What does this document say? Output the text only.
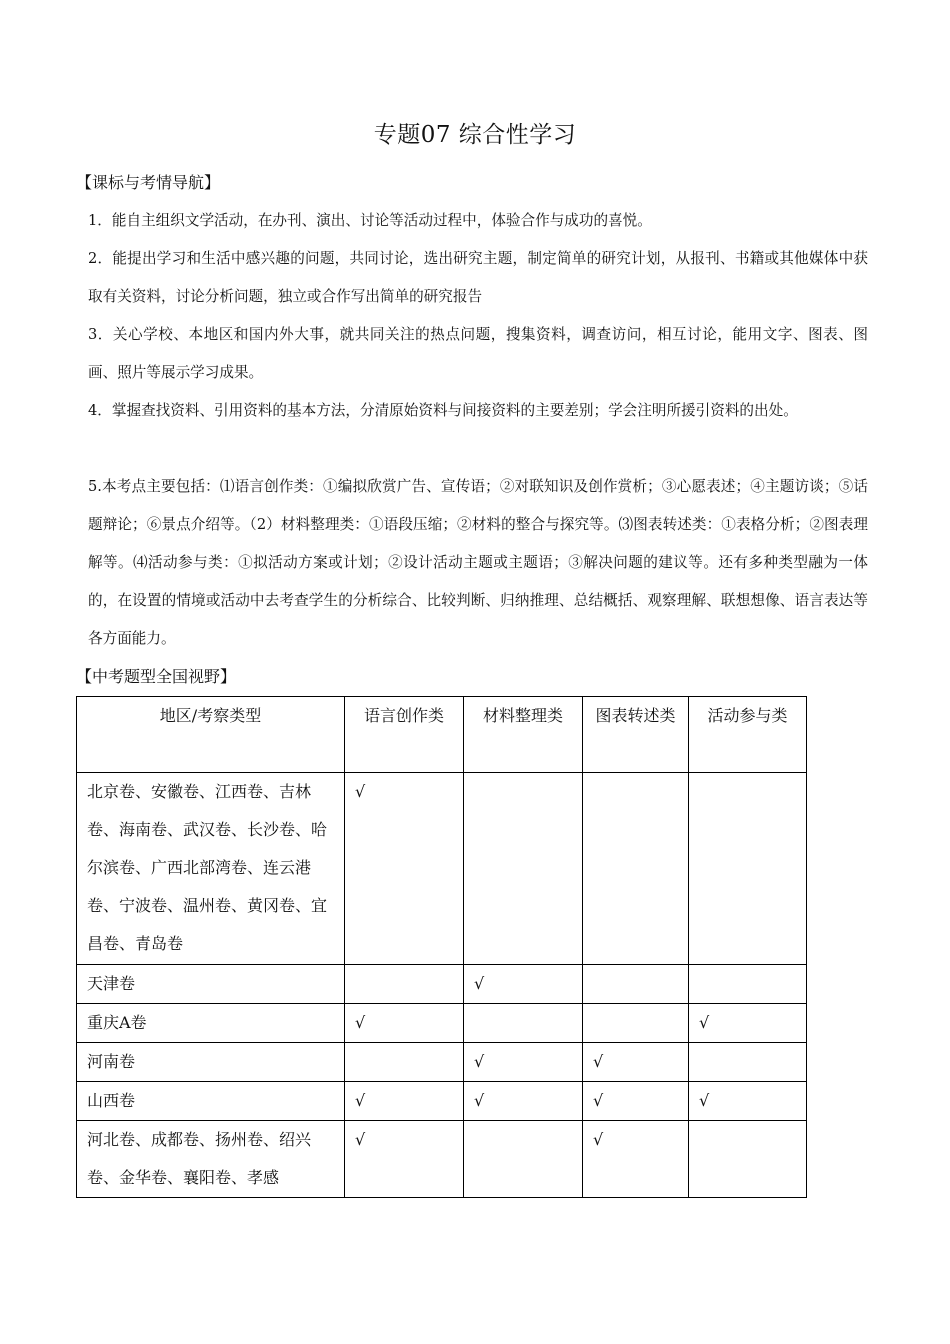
专题07 综合性学习
【课标与考情导航】
1．能自主组织文学活动，在办刊、演出、讨论等活动过程中，体验合作与成功的喜悦。
2．能提出学习和生活中感兴趣的问题，共同讨论，选出研究主题，制定简单的研究计划，从报刊、书籍或其他媒体中获取有关资料，讨论分析问题，独立或合作写出简单的研究报告
3．关心学校、本地区和国内外大事，就共同关注的热点问题，搜集资料，调查访问，相互讨论，能用文字、图表、图画、照片等展示学习成果。
4．掌握查找资料、引用资料的基本方法，分清原始资料与间接资料的主要差别；学会注明所援引资料的出处。
5.本考点主要包括：⑴语言创作类：①编拟欣赏广告、宣传语；②对联知识及创作赏析；③心愿表述；④主题访谈；⑤话题辩论；⑥景点介绍等。（2）材料整理类：①语段压缩；②材料的整合与探究等。⑶图表转述类：①表格分析；②图表理解等。⑷活动参与类：①拟活动方案或计划；②设计活动主题或主题语；③解决问题的建议等。还有多种类型融为一体的，在设置的情境或活动中去考查学生的分析综合、比较判断、归纳推理、总结概括、观察理解、联想想像、语言表达等各方面能力。
【中考题型全国视野】
地区/考察类型	语言创作类	材料整理类	图表转述类	活动参与类
北京卷、安徽卷、江西卷、吉林卷、海南卷、武汉卷、长沙卷、哈尔滨卷、广西北部湾卷、连云港卷、宁波卷、温州卷、黄冈卷、宜昌卷、青岛卷	√			
天津卷		√		
重庆A卷	√			√
河南卷		√	√	
山西卷	√	√	√	√
河北卷、成都卷、扬州卷、绍兴卷、金华卷、襄阳卷、孝感	√		√	
